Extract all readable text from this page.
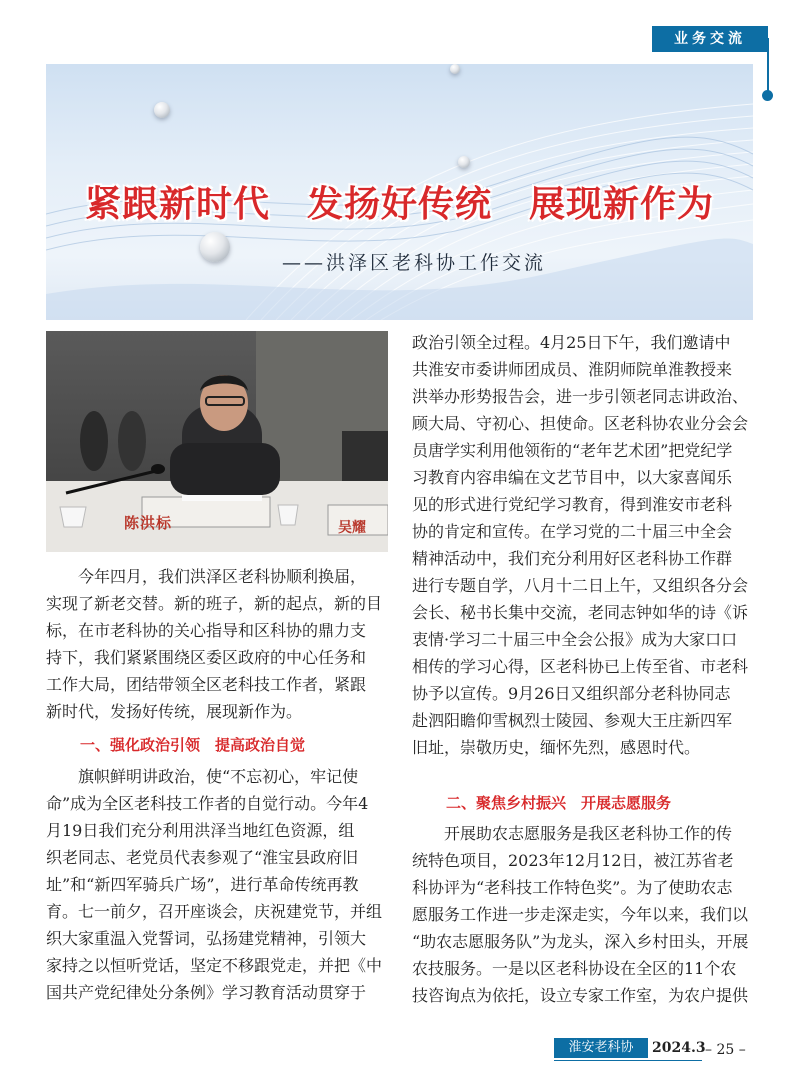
业务交流
紧跟新时代　发扬好传统　展现新作为
——洪泽区老科协工作交流
陈洪标	吴耀
今年四月，我们洪泽区老科协顺利换届，
实现了新老交替。新的班子，新的起点，新的目
标，在市老科协的关心指导和区科协的鼎力支
持下，我们紧紧围绕区委区政府的中心任务和
工作大局，团结带领全区老科技工作者，紧跟
新时代，发扬好传统，展现新作为。
一、强化政治引领　提高政治自觉
旗帜鲜明讲政治，使“不忘初心，牢记使
命”成为全区老科技工作者的自觉行动。今年4
月19日我们充分利用洪泽当地红色资源，组
织老同志、老党员代表参观了“淮宝县政府旧
址”和“新四军骑兵广场”，进行革命传统再教
育。七一前夕，召开座谈会，庆祝建党节，并组
织大家重温入党誓词，弘扬建党精神，引领大
家持之以恒听党话，坚定不移跟党走，并把《中
国共产党纪律处分条例》学习教育活动贯穿于
政治引领全过程。4月25日下午，我们邀请中
共淮安市委讲师团成员、淮阴师院单淮教授来
洪举办形势报告会，进一步引领老同志讲政治、
顾大局、守初心、担使命。区老科协农业分会会
员唐学实利用他领衔的“老年艺术团”把党纪学
习教育内容串编在文艺节目中，以大家喜闻乐
见的形式进行党纪学习教育，得到淮安市老科
协的肯定和宣传。在学习党的二十届三中全会
精神活动中，我们充分利用好区老科协工作群
进行专题自学，八月十二日上午，又组织各分会
会长、秘书长集中交流，老同志钟如华的诗《诉
衷情·学习二十届三中全会公报》成为大家口口
相传的学习心得，区老科协已上传至省、市老科
协予以宣传。9月26日又组织部分老科协同志
赴泗阳瞻仰雪枫烈士陵园、参观大王庄新四军
旧址，崇敬历史，缅怀先烈，感恩时代。
二、聚焦乡村振兴　开展志愿服务
开展助农志愿服务是我区老科协工作的传
统特色项目，2023年12月12日，被江苏省老
科协评为“老科技工作特色奖”。为了使助农志
愿服务工作进一步走深走实，今年以来，我们以
“助农志愿服务队”为龙头，深入乡村田头，开展
农技服务。一是以区老科协设在全区的11个农
技咨询点为依托，设立专家工作室，为农户提供
淮安老科协	2024.3 – 25 –
